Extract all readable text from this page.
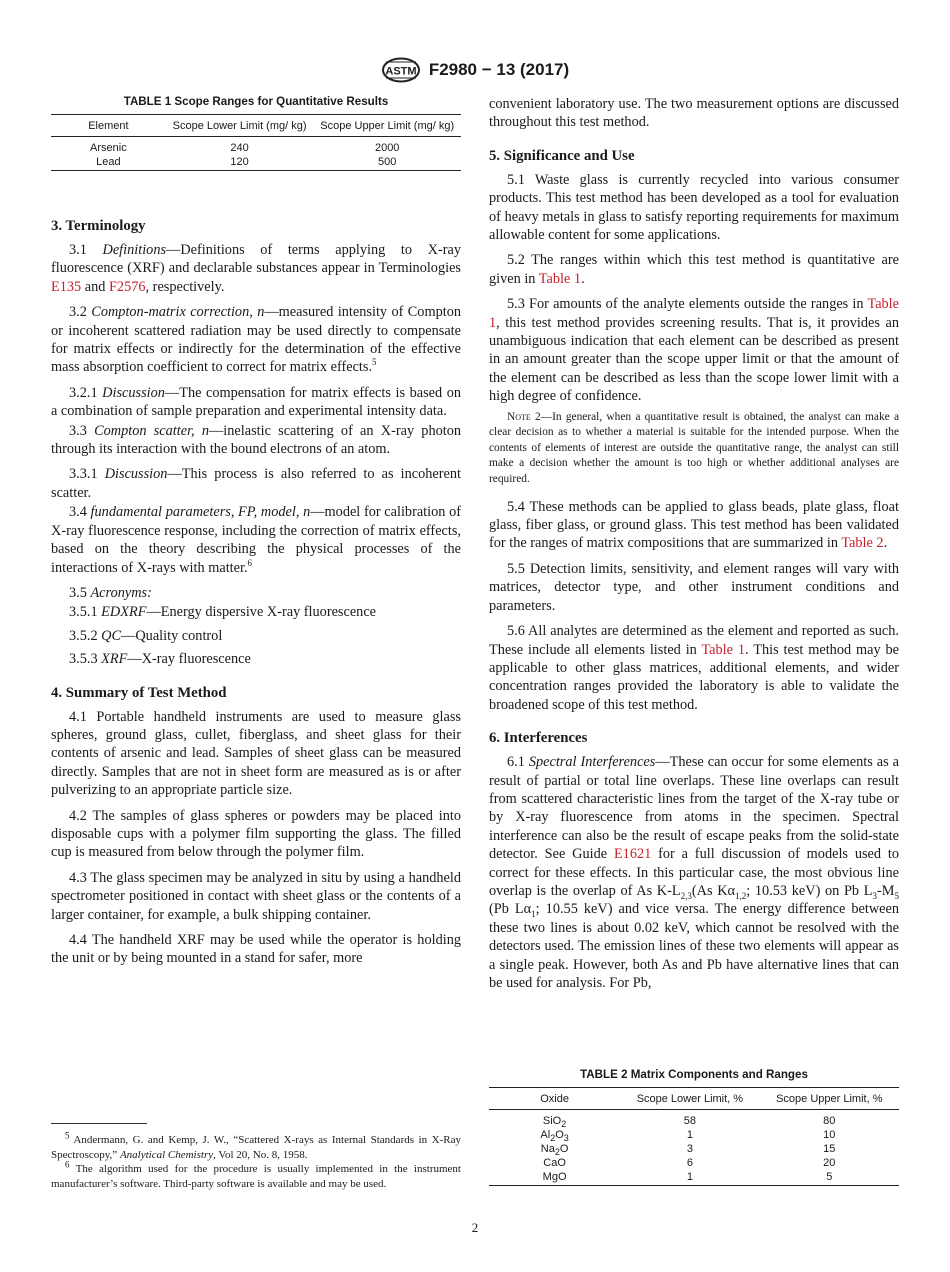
ASTM F2980 − 13 (2017)
TABLE 1 Scope Ranges for Quantitative Results
Element	Scope Lower Limit (mg/ kg)	Scope Upper Limit (mg/ kg)
Arsenic	240	2000
Lead	120	500
3. Terminology

3.1 Definitions—Definitions of terms applying to X-ray fluorescence (XRF) and declarable substances appear in Terminologies E135 and F2576, respectively.

3.2 Compton-matrix correction, n—measured intensity of Compton or incoherent scattered radiation may be used directly to compensate for matrix effects or indirectly for the determination of the effective mass absorption coefficient to correct for matrix effects.$^5$

3.2.1 Discussion—The compensation for matrix effects is based on a combination of sample preparation and experimental intensity data.

3.3 Compton scatter, n—inelastic scattering of an X-ray photon through its interaction with the bound electrons of an atom.

3.3.1 Discussion—This process is also referred to as incoherent scatter.

3.4 fundamental parameters, FP, model, n—model for calibration of X-ray fluorescence response, including the correction of matrix effects, based on the theory describing the physical processes of the interactions of X-rays with matter.$^6$

3.5 Acronyms:

3.5.1 EDXRF—Energy dispersive X-ray fluorescence

3.5.2 QC—Quality control

3.5.3 XRF—X-ray fluorescence

4. Summary of Test Method

4.1 Portable handheld instruments are used to measure glass spheres, ground glass, cullet, fiberglass, and sheet glass for their contents of arsenic and lead. Samples of sheet glass can be measured directly. Samples that are not in sheet form are measured as is or after pulverizing to an appropriate particle size.

4.2 The samples of glass spheres or powders may be placed into disposable cups with a polymer film supporting the glass. The filled cup is measured from below through the polymer film.

4.3 The glass specimen may be analyzed in situ by using a handheld spectrometer positioned in contact with sheet glass or the contents of a larger container, for example, a bulk shipping container.

4.4 The handheld XRF may be used while the operator is holding the unit or by being mounted in a stand for safer, more

convenient laboratory use. The two measurement options are discussed throughout this test method.

5. Significance and Use

5.1 Waste glass is currently recycled into various consumer products. This test method has been developed as a tool for evaluation of heavy metals in glass to satisfy reporting requirements for maximum allowable content for some applications.

5.2 The ranges within which this test method is quantitative are given in Table 1.

5.3 For amounts of the analyte elements outside the ranges in Table 1, this test method provides screening results. That is, it provides an unambiguous indication that each element can be described as present in an amount greater than the scope upper limit or that the amount of the element can be described as less than the scope lower limit with a high degree of confidence.

Note 2—In general, when a quantitative result is obtained, the analyst can make a clear decision as to whether a material is suitable for the intended purpose. When the contents of elements of interest are outside the quantitative range, the analyst can still make a decision whether the amount is too high or whether additional analyses are required.

5.4 These methods can be applied to glass beads, plate glass, float glass, fiber glass, or ground glass. This test method has been validated for the ranges of matrix compositions that are summarized in Table 2.

5.5 Detection limits, sensitivity, and element ranges will vary with matrices, detector type, and other instrument conditions and parameters.

5.6 All analytes are determined as the element and reported as such. These include all elements listed in Table 1. This test method may be applicable to other glass matrices, additional elements, and wider concentration ranges provided the laboratory is able to validate the broadened scope of this test method.

6. Interferences

6.1 Spectral Interferences—These can occur for some elements as a result of partial or total line overlaps. These line overlaps can result from scattered characteristic lines from the target of the X-ray tube or by X-ray fluorescence from atoms in the specimen. Spectral interference can also be the result of escape peaks from the solid-state detector. See Guide E1621 for a full discussion of models used to correct for these effects. In this particular case, the most obvious line overlap is the overlap of As $K-L_{2,3}(As$ $K\alpha_{1,2}$; 10.53 keV) on Pb $L_3-M_5$ (Pb $L\alpha_1$; 10.55 keV) and vice versa. The energy difference between these two lines is about 0.02 keV, which cannot be resolved with the detectors used. The emission lines of these two elements will appear as a single peak. However, both As and Pb have alternative lines that can be used for analysis. For Pb,

TABLE 2 Matrix Components and Ranges
Oxide	Scope Lower Limit, %	Scope Upper Limit, %
SiO$_2$	58	80
$Al_2O_3$	1	10
$Na_2O$	3	15
CaO	6	20
MgO	1	5

$^5$ Andermann, G. and Kemp, J. W., “Scattered X-rays as Internal Standards in X-Ray Spectroscopy,” Analytical Chemistry, Vol 20, No. 8, 1958.

$^6$ The algorithm used for the procedure is usually implemented in the instrument manufacturer’s software. Third-party software is available and may be used.

2
